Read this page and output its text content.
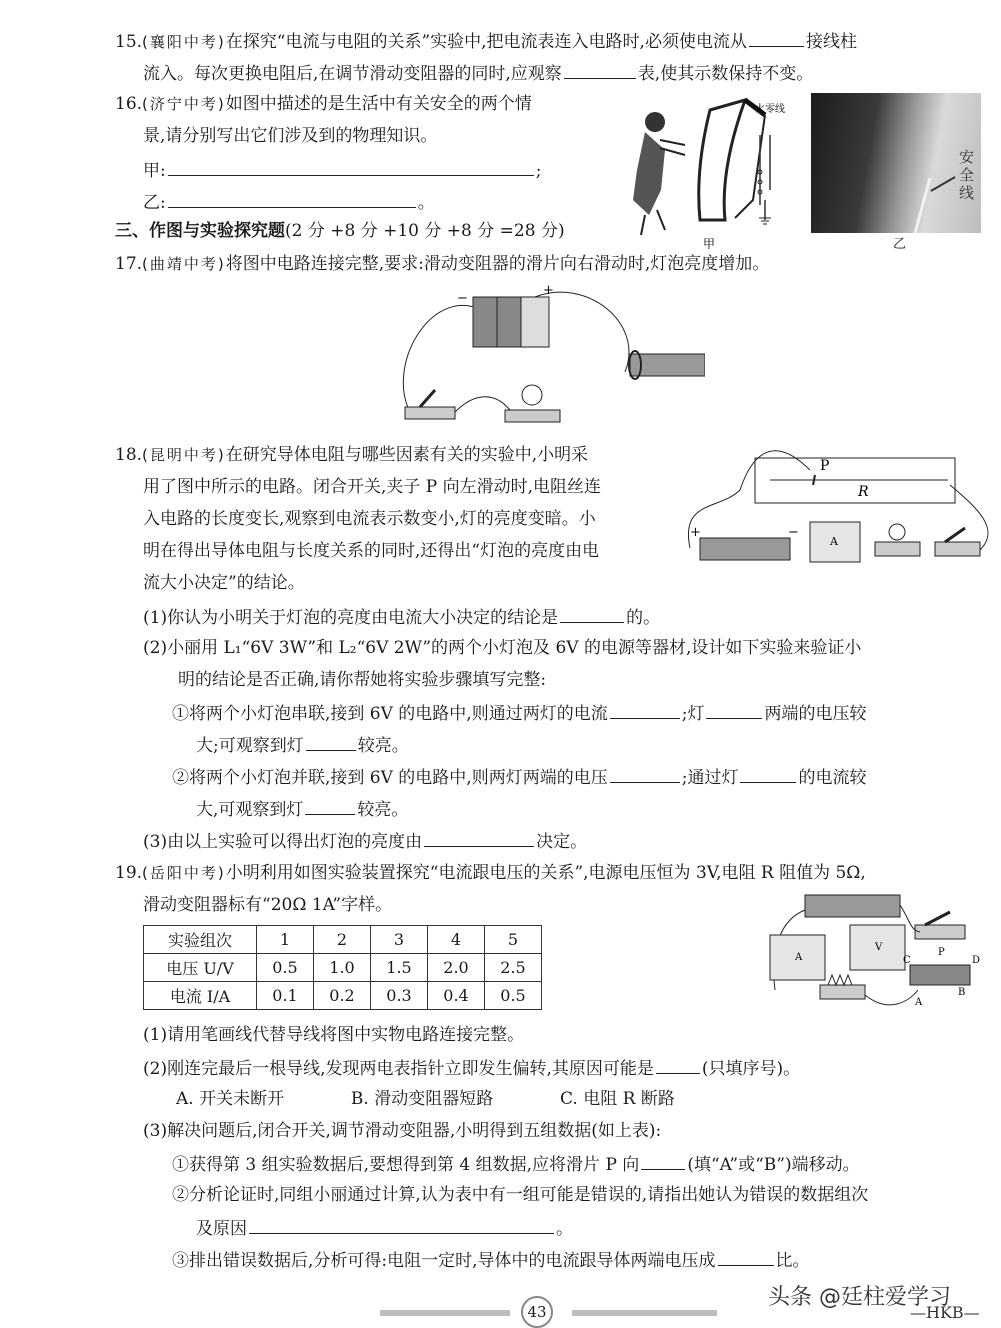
15.(襄阳中考)在探究“电流与电阻的关系”实验中,把电流表连入电路时,必须使电流从	接线柱
流入。每次更换电阻后,在调节滑动变阻器的同时,应观察	表,使其示数保持不变。
16.(济宁中考)如图中描述的是生活中有关安全的两个情
景,请分别写出它们涉及到的物理知识。
甲:	;
乙:	。
火零线
甲
安全线
乙
三、作图与实验探究题(2 分 +8 分 +10 分 +8 分 =28 分)
17.(曲靖中考)将图中电路连接完整,要求:滑动变阻器的滑片向右滑动时,灯泡亮度增加。
−
+
18.(昆明中考)在研究导体电阻与哪些因素有关的实验中,小明采
用了图中所示的电路。闭合开关,夹子 P 向左滑动时,电阻丝连
入电路的长度变长,观察到电流表示数变小,灯的亮度变暗。小
明在得出导体电阻与长度关系的同时,还得出“灯泡的亮度由电
流大小决定”的结论。
P
R
+	−
A
(1)你认为小明关于灯泡的亮度由电流大小决定的结论是	的。
(2)小丽用 L₁“6V 3W”和 L₂“6V 2W”的两个小灯泡及 6V 的电源等器材,设计如下实验来验证小
明的结论是否正确,请你帮她将实验步骤填写完整:
①将两个小灯泡串联,接到 6V 的电路中,则通过两灯的电流	;灯	两端的电压较
大;可观察到灯	较亮。
②将两个小灯泡并联,接到 6V 的电路中,则两灯两端的电压	;通过灯	的电流较
大,可观察到灯	较亮。
(3)由以上实验可以得出灯泡的亮度由	决定。
19.(岳阳中考)小明利用如图实验装置探究“电流跟电压的关系”,电源电压恒为 3V,电阻 R 阻值为 5Ω,
滑动变阻器标有“20Ω 1A”字样。
实验组次	1	2	3	4	5
电压 U/V	0.5	1.0	1.5	2.0	2.5
电流 I/A	0.1	0.2	0.3	0.4	0.5
A
V
C
P
D
A
B
(1)请用笔画线代替导线将图中实物电路连接完整。
(2)刚连完最后一根导线,发现两电表指针立即发生偏转,其原因可能是	(只填序号)。
A. 开关未断开	B. 滑动变阻器短路	C. 电阻 R 断路
(3)解决问题后,闭合开关,调节滑动变阻器,小明得到五组数据(如上表):
①获得第 3 组实验数据后,要想得到第 4 组数据,应将滑片 P 向	(填“A”或“B”)端移动。
②分析论证时,同组小丽通过计算,认为表中有一组可能是错误的,请指出她认为错误的数据组次
及原因	。
③排出错误数据后,分析可得:电阻一定时,导体中的电流跟导体两端电压成	比。
43
头条 @廷柱爱学习
—HKB—
